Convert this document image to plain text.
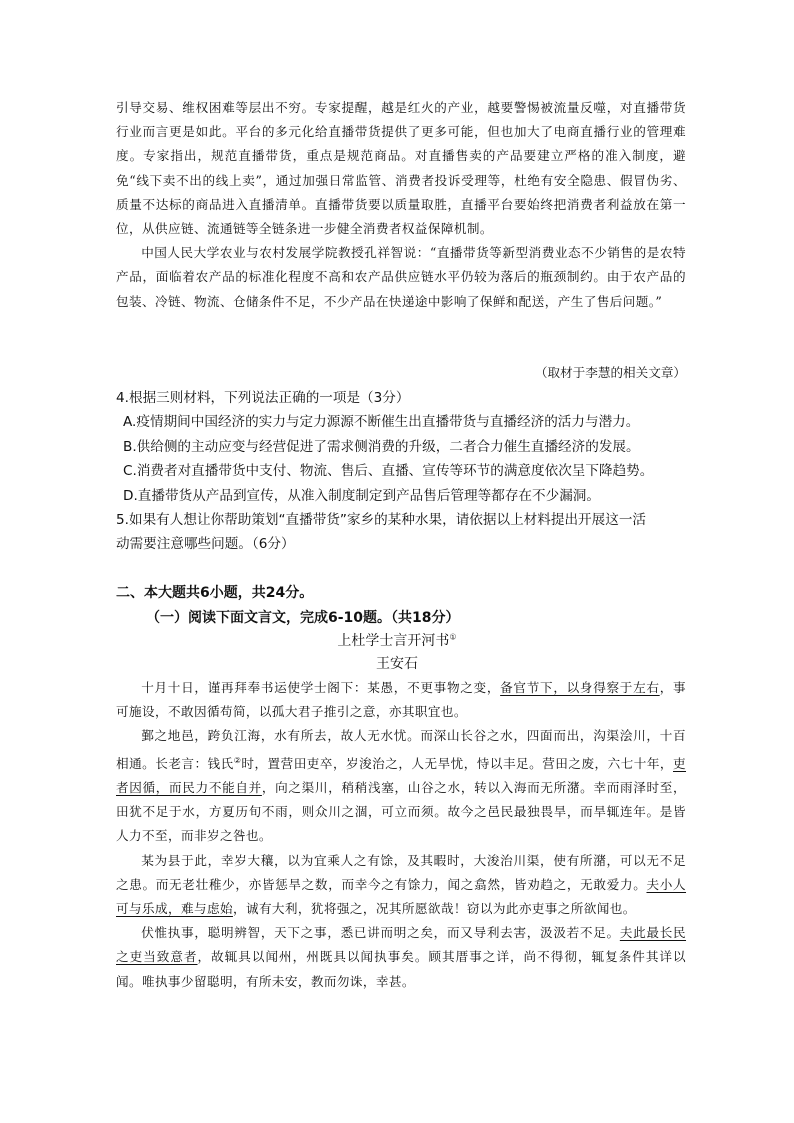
引导交易、维权困难等层出不穷。专家提醒，越是红火的产业，越要警惕被流量反噬，对直播带货行业而言更是如此。平台的多元化给直播带货提供了更多可能，但也加大了电商直播行业的管理难度。专家指出，规范直播带货，重点是规范商品。对直播售卖的产品要建立严格的准入制度，避免“线下卖不出的线上卖”，通过加强日常监管、消费者投诉受理等，杜绝有安全隐患、假冒伪劣、质量不达标的商品进入直播清单。直播带货要以质量取胜，直播平台要始终把消费者利益放在第一位，从供应链、流通链等全链条进一步健全消费者权益保障机制。

中国人民大学农业与农村发展学院教授孔祥智说：“直播带货等新型消费业态不少销售的是农特产品，面临着农产品的标准化程度不高和农产品供应链水平仍较为落后的瓶颈制约。由于农产品的包装、冷链、物流、仓储条件不足，不少产品在快递途中影响了保鲜和配送，产生了售后问题。”

（取材于李慧的相关文章）
4.根据三则材料，下列说法正确的一项是（3分）
A.疫情期间中国经济的实力与定力源源不断催生出直播带货与直播经济的活力与潜力。
B.供给侧的主动应变与经营促进了需求侧消费的升级，二者合力催生直播经济的发展。
C.消费者对直播带货中支付、物流、售后、直播、宣传等环节的满意度依次呈下降趋势。
D.直播带货从产品到宣传，从准入制度制定到产品售后管理等都存在不少漏洞。
5.如果有人想让你帮助策划“直播带货”家乡的某种水果，请依据以上材料提出开展这一活
动需要注意哪些问题。（6分）
二、本大题共6小题，共24分。
（一）阅读下面文言文，完成6-10题。（共18分）
上杜学士言开河书①
王安石

十月十日，谨再拜奉书运使学士阁下：某愚，不更事物之变，备官节下，以身得察于左右，事可施设，不敢因循苟简，以孤大君子推引之意，亦其职宜也。

鄞之地邑，跨负江海，水有所去，故人无水忧。而深山长谷之水，四面而出，沟渠浍川，十百相通。长老言：钱氏②时，置营田吏卒，岁浚治之，人无旱忧，恃以丰足。营田之废，六七十年，吏者因循，而民力不能自并，向之渠川，稍稍浅塞，山谷之水，转以入海而无所潴。幸而雨泽时至，田犹不足于水，方夏历旬不雨，则众川之涸，可立而须。故今之邑民最独畏旱，而旱辄连年。是皆人力不至，而非岁之咎也。

某为县于此，幸岁大穰，以为宜乘人之有馀，及其暇时，大浚治川渠，使有所潴，可以无不足之患。而无老壮稚少，亦皆惩旱之数，而幸今之有馀力，闻之翕然，皆劝趋之，无敢爱力。夫小人可与乐成，难与虑始，诚有大利，犹将强之，况其所愿欲哉！窃以为此亦吏事之所欲闻也。

伏惟执事，聪明辨智，天下之事，悉已讲而明之矣，而又导利去害，汲汲若不足。夫此最长民之吏当致意者，故辄具以闻州，州既具以闻执事矣。顾其厝事之详，尚不得彻，辄复条件其详以闻。唯执事少留聪明，有所未安，教而勿诛，幸甚。
